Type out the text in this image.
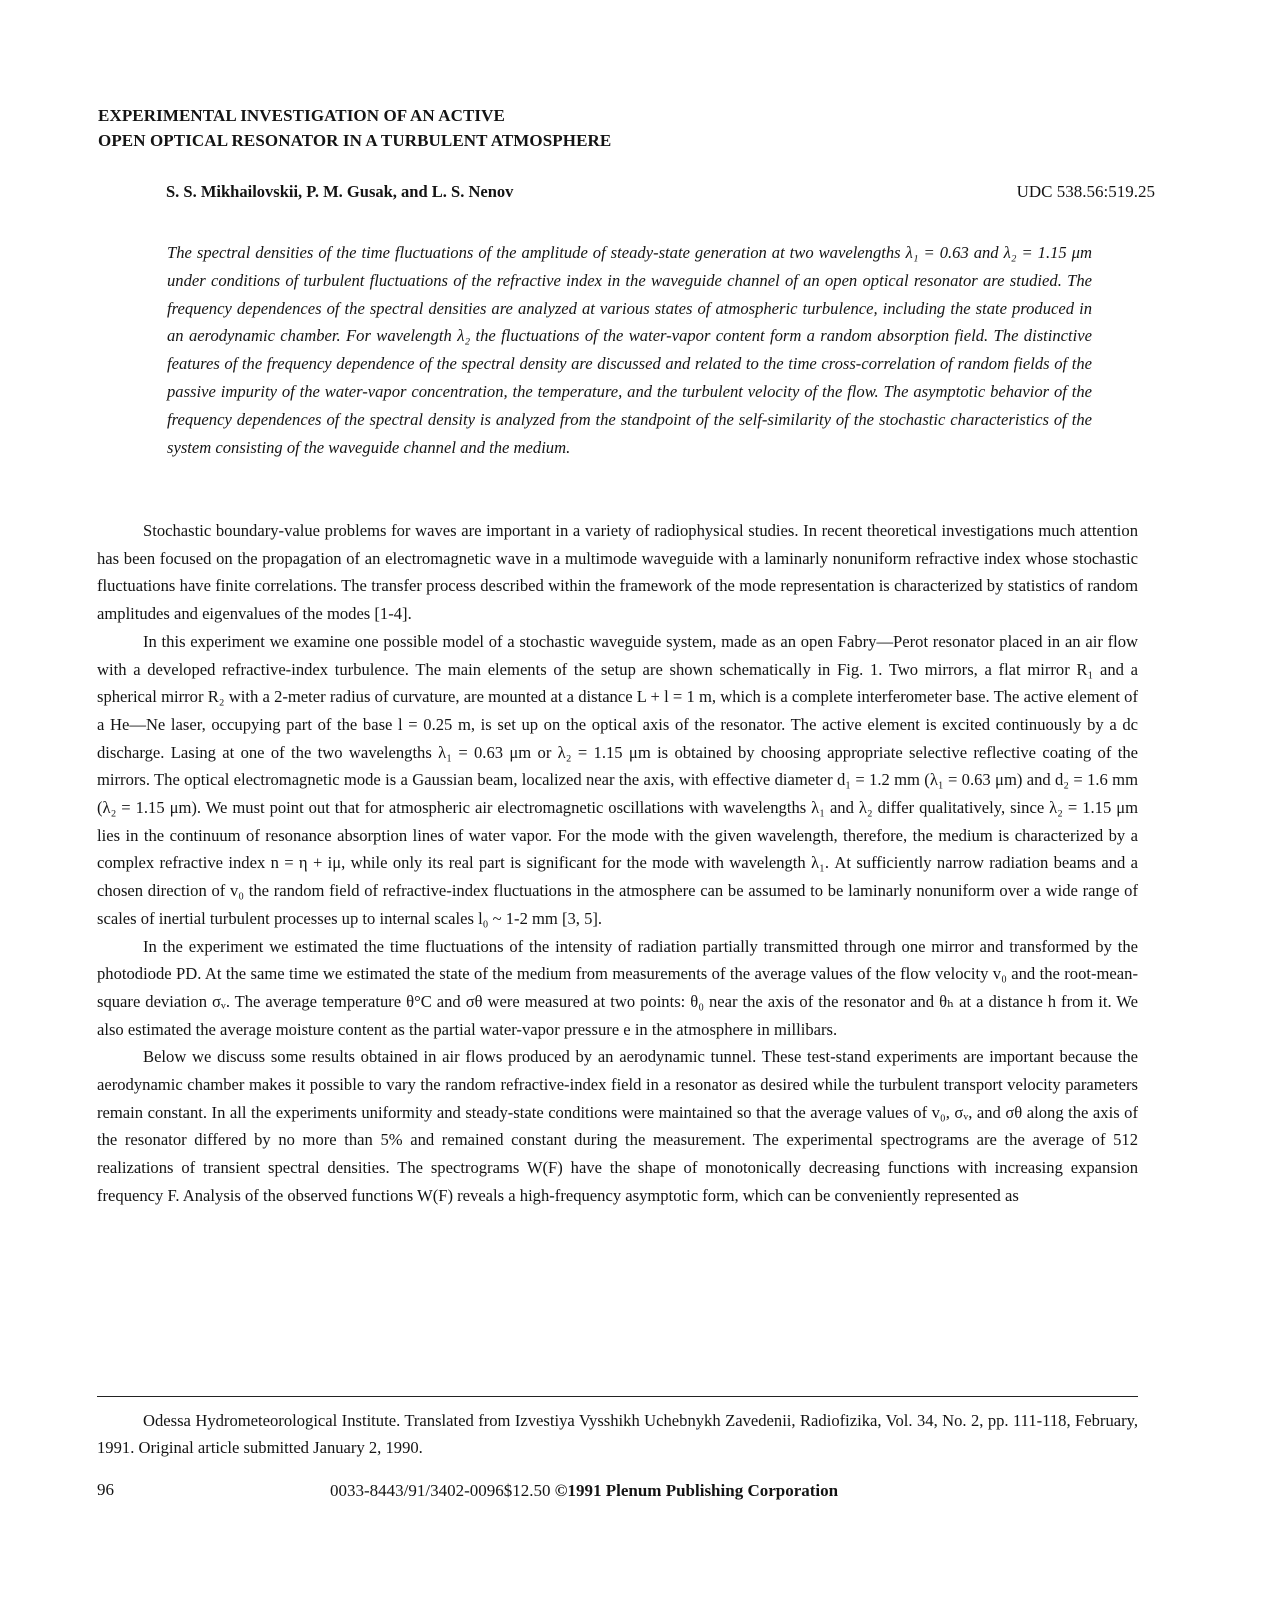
EXPERIMENTAL INVESTIGATION OF AN ACTIVE
OPEN OPTICAL RESONATOR IN A TURBULENT ATMOSPHERE
S. S. Mikhailovskii, P. M. Gusak, and L. S. Nenov	UDC 538.56:519.25

The spectral densities of the time fluctuations of the amplitude of steady-state generation at two wavelengths λ₁ = 0.63 and λ₂ = 1.15 μm under conditions of turbulent fluctuations of the refractive index in the waveguide channel of an open optical resonator are studied. The frequency dependences of the spectral densities are analyzed at various states of atmospheric turbulence, including the state produced in an aerodynamic chamber. For wavelength λ₂ the fluctuations of the water-vapor content form a random absorption field. The distinctive features of the frequency dependence of the spectral density are discussed and related to the time cross-correlation of random fields of the passive impurity of the water-vapor concentration, the temperature, and the turbulent velocity of the flow. The asymptotic behavior of the frequency dependences of the spectral density is analyzed from the standpoint of the self-similarity of the stochastic characteristics of the system consisting of the waveguide channel and the medium.

Stochastic boundary-value problems for waves are important in a variety of radiophysical studies. In recent theoretical investigations much attention has been focused on the propagation of an electromagnetic wave in a multimode waveguide with a laminarly nonuniform refractive index whose stochastic fluctuations have finite correlations. The transfer process described within the framework of the mode representation is characterized by statistics of random amplitudes and eigenvalues of the modes [1-4].

In this experiment we examine one possible model of a stochastic waveguide system, made as an open Fabry—Perot resonator placed in an air flow with a developed refractive-index turbulence. The main elements of the setup are shown schematically in Fig. 1. Two mirrors, a flat mirror R₁ and a spherical mirror R₂ with a 2-meter radius of curvature, are mounted at a distance L + l = 1 m, which is a complete interferometer base. The active element of a He—Ne laser, occupying part of the base l = 0.25 m, is set up on the optical axis of the resonator. The active element is excited continuously by a dc discharge. Lasing at one of the two wavelengths λ₁ = 0.63 μm or λ₂ = 1.15 μm is obtained by choosing appropriate selective reflective coating of the mirrors. The optical electromagnetic mode is a Gaussian beam, localized near the axis, with effective diameter d₁ = 1.2 mm (λ₁ = 0.63 μm) and d₂ = 1.6 mm (λ₂ = 1.15 μm). We must point out that for atmospheric air electromagnetic oscillations with wavelengths λ₁ and λ₂ differ qualitatively, since λ₂ = 1.15 μm lies in the continuum of resonance absorption lines of water vapor. For the mode with the given wavelength, therefore, the medium is characterized by a complex refractive index n = η + iμ, while only its real part is significant for the mode with wavelength λ₁. At sufficiently narrow radiation beams and a chosen direction of v₀ the random field of refractive-index fluctuations in the atmosphere can be assumed to be laminarly nonuniform over a wide range of scales of inertial turbulent processes up to internal scales l₀ ~ 1-2 mm [3, 5].

In the experiment we estimated the time fluctuations of the intensity of radiation partially transmitted through one mirror and transformed by the photodiode PD. At the same time we estimated the state of the medium from measurements of the average values of the flow velocity v₀ and the root-mean-square deviation σᵥ. The average temperature θ°C and σθ were measured at two points: θ₀ near the axis of the resonator and θₕ at a distance h from it. We also estimated the average moisture content as the partial water-vapor pressure e in the atmosphere in millibars.

Below we discuss some results obtained in air flows produced by an aerodynamic tunnel. These test-stand experiments are important because the aerodynamic chamber makes it possible to vary the random refractive-index field in a resonator as desired while the turbulent transport velocity parameters remain constant. In all the experiments uniformity and steady-state conditions were maintained so that the average values of v₀, σᵥ, and σθ along the axis of the resonator differed by no more than 5% and remained constant during the measurement. The experimental spectrograms are the average of 512 realizations of transient spectral densities. The spectrograms W(F) have the shape of monotonically decreasing functions with increasing expansion frequency F. Analysis of the observed functions W(F) reveals a high-frequency asymptotic form, which can be conveniently represented as

Odessa Hydrometeorological Institute. Translated from Izvestiya Vysshikh Uchebnykh Zavedenii, Radiofizika, Vol. 34, No. 2, pp. 111-118, February, 1991. Original article submitted January 2, 1990.

96	0033-8443/91/3402-0096$12.50 ©1991 Plenum Publishing Corporation
